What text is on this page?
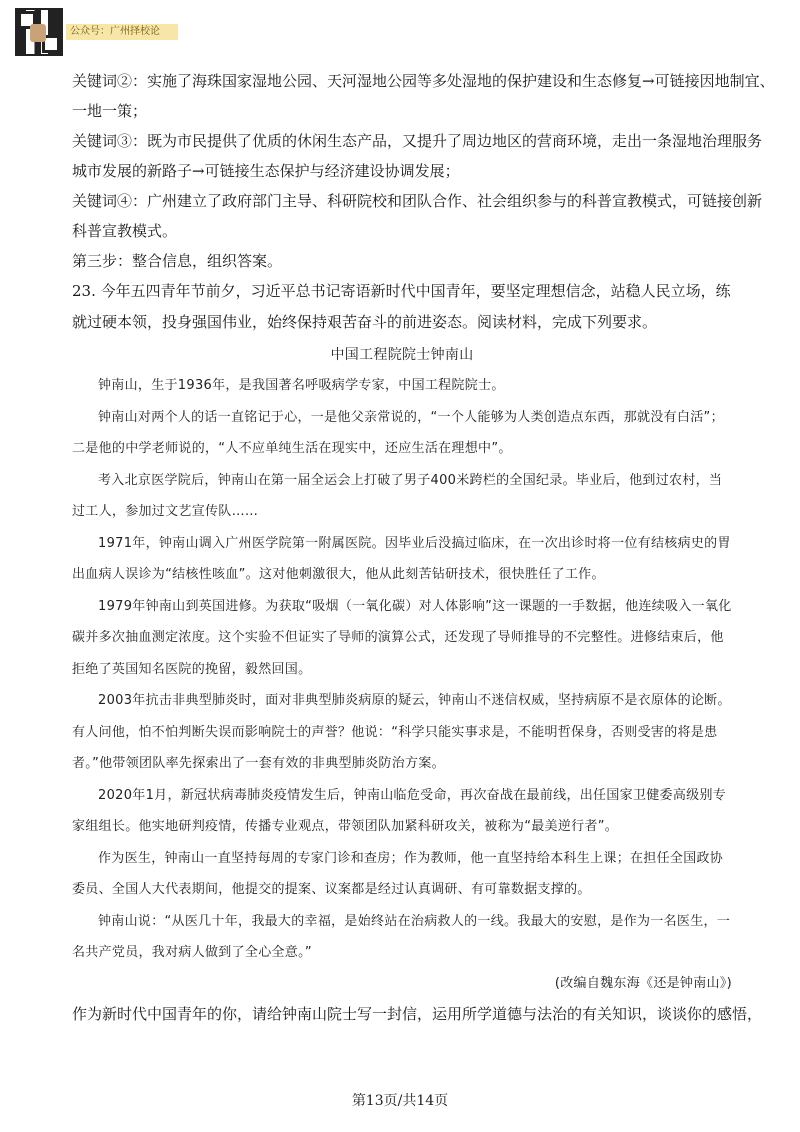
公众号：广州择校论
关键词②：实施了海珠国家湿地公园、天河湿地公园等多处湿地的保护建设和生态修复→可链接因地制宜、
一地一策；
关键词③：既为市民提供了优质的休闲生态产品，又提升了周边地区的营商环境，走出一条湿地治理服务
城市发展的新路子→可链接生态保护与经济建设协调发展；
关键词④：广州建立了政府部门主导、科研院校和团队合作、社会组织参与的科普宣教模式，可链接创新
科普宣教模式。
第三步：整合信息，组织答案。

23. 今年五四青年节前夕，习近平总书记寄语新时代中国青年，要坚定理想信念，站稳人民立场，练就过硬本领，投身强国伟业，始终保持艰苦奋斗的前进姿态。阅读材料，完成下列要求。

中国工程院院士钟南山

钟南山，生于1936年，是我国著名呼吸病学专家，中国工程院院士。

钟南山对两个人的话一直铭记于心，一是他父亲常说的，“一个人能够为人类创造点东西，那就没有白活”；二是他的中学老师说的，“人不应单纯生活在现实中，还应生活在理想中”。

考入北京医学院后，钟南山在第一届全运会上打破了男子400米跨栏的全国纪录。毕业后，他到过农村，当过工人，参加过文艺宣传队……

1971年，钟南山调入广州医学院第一附属医院。因毕业后没搞过临床，在一次出诊时将一位有结核病史的胃出血病人误诊为“结核性咳血”。这对他刺激很大，他从此刻苦钻研技术，很快胜任了工作。

1979年钟南山到英国进修。为获取“吸烟（一氧化碳）对人体影响”这一课题的一手数据，他连续吸入一氧化碳并多次抽血测定浓度。这个实验不但证实了导师的演算公式，还发现了导师推导的不完整性。进修结束后，他拒绝了英国知名医院的挽留，毅然回国。

2003年抗击非典型肺炎时，面对非典型肺炎病原的疑云，钟南山不迷信权威，坚持病原不是衣原体的论断。有人问他，怕不怕判断失误而影响院士的声誉？他说：“科学只能实事求是，不能明哲保身，否则受害的将是患者。”他带领团队率先探索出了一套有效的非典型肺炎防治方案。

2020年1月，新冠状病毒肺炎疫情发生后，钟南山临危受命，再次奋战在最前线，出任国家卫健委高级别专家组组长。他实地研判疫情，传播专业观点，带领团队加紧科研攻关，被称为“最美逆行者”。

作为医生，钟南山一直坚持每周的专家门诊和查房；作为教师，他一直坚持给本科生上课；在担任全国政协委员、全国人大代表期间，他提交的提案、议案都是经过认真调研、有可靠数据支撑的。

钟南山说：“从医几十年，我最大的幸福，是始终站在治病救人的一线。我最大的安慰，是作为一名医生，一名共产党员，我对病人做到了全心全意。”

(改编自魏东海《还是钟南山》)
作为新时代中国青年的你，请给钟南山院士写一封信，运用所学道德与法治的有关知识，谈谈你的感悟，
第13页/共14页
